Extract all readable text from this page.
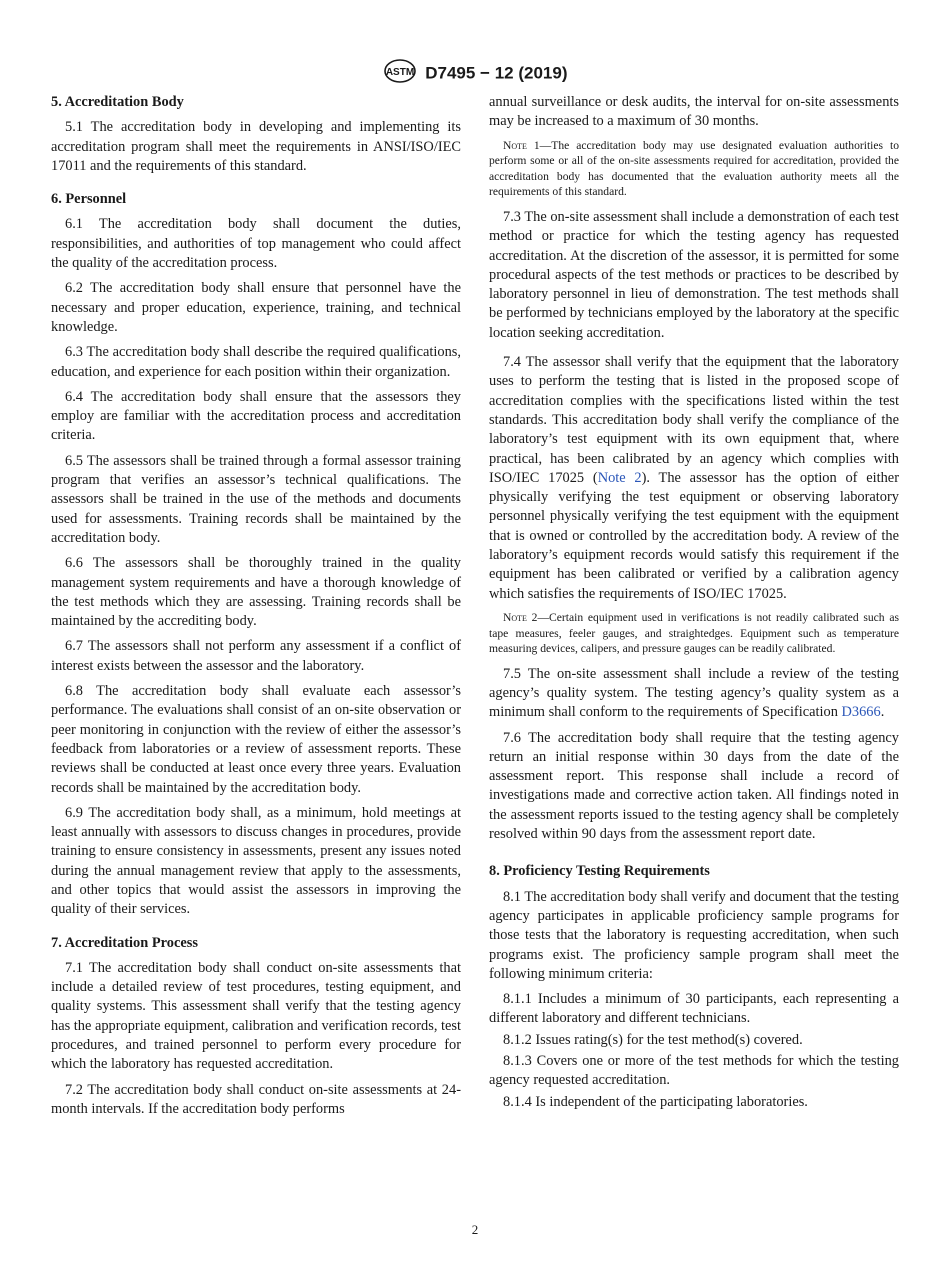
ASTM D7495 − 12 (2019)
5. Accreditation Body

5.1 The accreditation body in developing and implementing its accreditation program shall meet the requirements in ANSI/ISO/IEC 17011 and the requirements of this standard.

6. Personnel

6.1 The accreditation body shall document the duties, responsibilities, and authorities of top management who could affect the quality of the accreditation process.

6.2 The accreditation body shall ensure that personnel have the necessary and proper education, experience, training, and technical knowledge.

6.3 The accreditation body shall describe the required qualifications, education, and experience for each position within their organization.

6.4 The accreditation body shall ensure that the assessors they employ are familiar with the accreditation process and accreditation criteria.

6.5 The assessors shall be trained through a formal assessor training program that verifies an assessor’s technical qualifications. The assessors shall be trained in the use of the methods and documents used for assessments. Training records shall be maintained by the accreditation body.

6.6 The assessors shall be thoroughly trained in the quality management system requirements and have a thorough knowledge of the test methods which they are assessing. Training records shall be maintained by the accrediting body.

6.7 The assessors shall not perform any assessment if a conflict of interest exists between the assessor and the laboratory.

6.8 The accreditation body shall evaluate each assessor’s performance. The evaluations shall consist of an on-site observation or peer monitoring in conjunction with the review of either the assessor’s feedback from laboratories or a review of assessment reports. These reviews shall be conducted at least once every three years. Evaluation records shall be maintained by the accreditation body.

6.9 The accreditation body shall, as a minimum, hold meetings at least annually with assessors to discuss changes in procedures, provide training to ensure consistency in assessments, present any issues noted during the annual management review that apply to the assessments, and other topics that would assist the assessors in improving the quality of their services.

7. Accreditation Process

7.1 The accreditation body shall conduct on-site assessments that include a detailed review of test procedures, testing equipment, and quality systems. This assessment shall verify that the testing agency has the appropriate equipment, calibration and verification records, test procedures, and trained personnel to perform every procedure for which the laboratory has requested accreditation.

7.2 The accreditation body shall conduct on-site assessments at 24-month intervals. If the accreditation body performs

annual surveillance or desk audits, the interval for on-site assessments may be increased to a maximum of 30 months.

Note 1—The accreditation body may use designated evaluation authorities to perform some or all of the on-site assessments required for accreditation, provided the accreditation body has documented that the evaluation authority meets all the requirements of this standard.

7.3 The on-site assessment shall include a demonstration of each test method or practice for which the testing agency has requested accreditation. At the discretion of the assessor, it is permitted for some procedural aspects of the test methods or practices to be described by laboratory personnel in lieu of demonstration. The test methods shall be performed by technicians employed by the laboratory at the specific location seeking accreditation.

7.4 The assessor shall verify that the equipment that the laboratory uses to perform the testing that is listed in the proposed scope of accreditation complies with the specifications listed within the test standards. This accreditation body shall verify the compliance of the laboratory’s test equipment with its own equipment that, where practical, has been calibrated by an agency which complies with ISO/IEC 17025 (Note 2). The assessor has the option of either physically verifying the test equipment or observing laboratory personnel physically verifying the test equipment with the equipment that is owned or controlled by the accreditation body. A review of the laboratory’s equipment records would satisfy this requirement if the equipment has been calibrated or verified by a calibration agency which satisfies the requirements of ISO/IEC 17025.

Note 2—Certain equipment used in verifications is not readily calibrated such as tape measures, feeler gauges, and straightedges. Equipment such as temperature measuring devices, calipers, and pressure gauges can be readily calibrated.

7.5 The on-site assessment shall include a review of the testing agency’s quality system. The testing agency’s quality system as a minimum shall conform to the requirements of Specification D3666.

7.6 The accreditation body shall require that the testing agency return an initial response within 30 days from the date of the assessment report. This response shall include a record of investigations made and corrective action taken. All findings noted in the assessment reports issued to the testing agency shall be completely resolved within 90 days from the assessment report date.

8. Proficiency Testing Requirements

8.1 The accreditation body shall verify and document that the testing agency participates in applicable proficiency sample programs for those tests that the laboratory is requesting accreditation, when such programs exist. The proficiency sample program shall meet the following minimum criteria:

8.1.1 Includes a minimum of 30 participants, each representing a different laboratory and different technicians.

8.1.2 Issues rating(s) for the test method(s) covered.

8.1.3 Covers one or more of the test methods for which the testing agency requested accreditation.

8.1.4 Is independent of the participating laboratories.

2
